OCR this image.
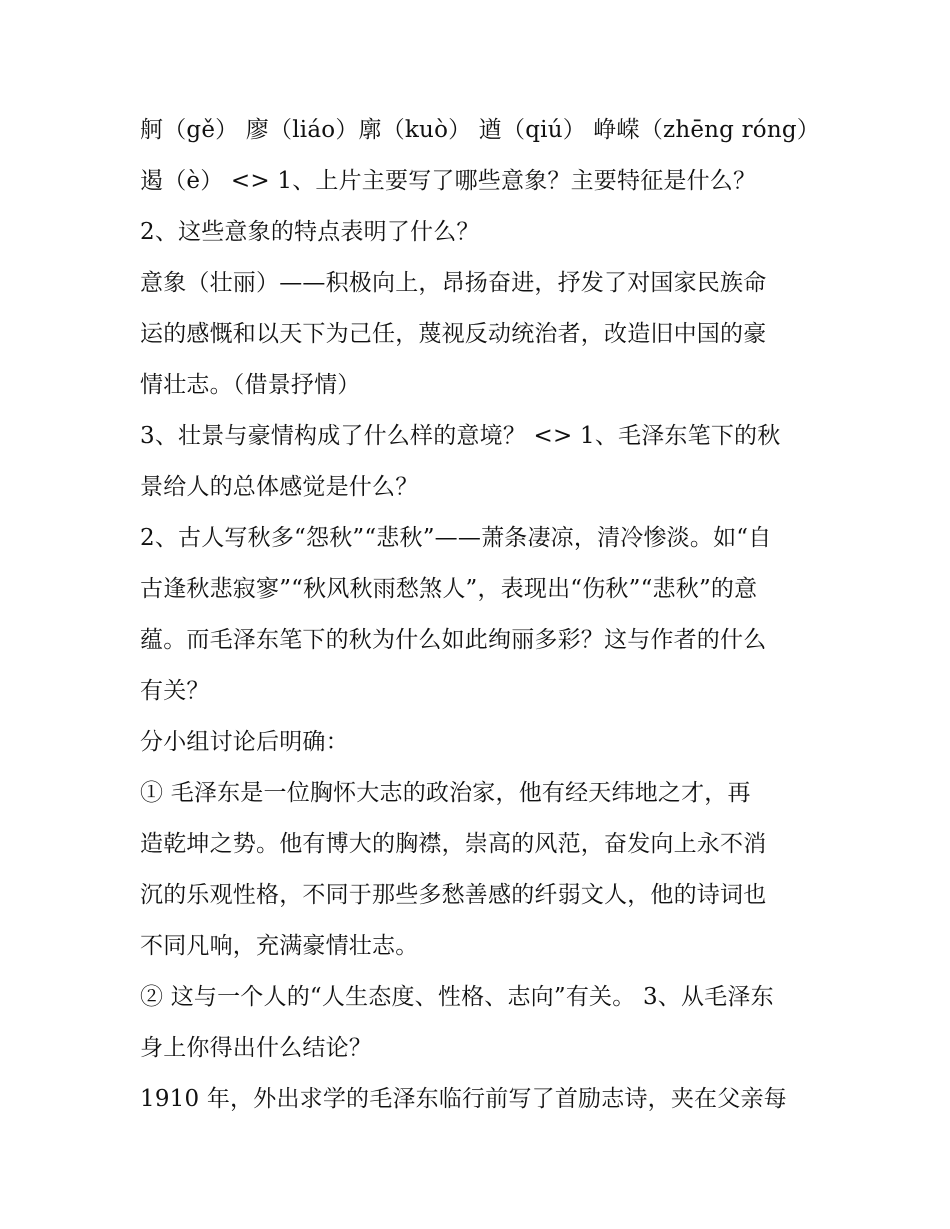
舸（gě） 廖（liáo）廓（kuò） 遒（qiú） 峥嵘（zhēng róng）
遏（è） <> 1、上片主要写了哪些意象？主要特征是什么？
2、这些意象的特点表明了什么？
意象（壮丽）——积极向上，昂扬奋进，抒发了对国家民族命
运的感慨和以天下为己任，蔑视反动统治者，改造旧中国的豪
情壮志。（借景抒情）
3、壮景与豪情构成了什么样的意境？ <> 1、毛泽东笔下的秋
景给人的总体感觉是什么？
2、古人写秋多“怨秋”“悲秋”——萧条凄凉，清冷惨淡。如“自
古逢秋悲寂寥”“秋风秋雨愁煞人”，表现出“伤秋”“悲秋”的意
蕴。而毛泽东笔下的秋为什么如此绚丽多彩？这与作者的什么
有关？
分小组讨论后明确：
① 毛泽东是一位胸怀大志的政治家，他有经天纬地之才，再
造乾坤之势。他有博大的胸襟，崇高的风范，奋发向上永不消
沉的乐观性格，不同于那些多愁善感的纤弱文人，他的诗词也
不同凡响，充满豪情壮志。
② 这与一个人的“人生态度、性格、志向”有关。 3、从毛泽东
身上你得出什么结论？
1910 年，外出求学的毛泽东临行前写了首励志诗，夹在父亲每
